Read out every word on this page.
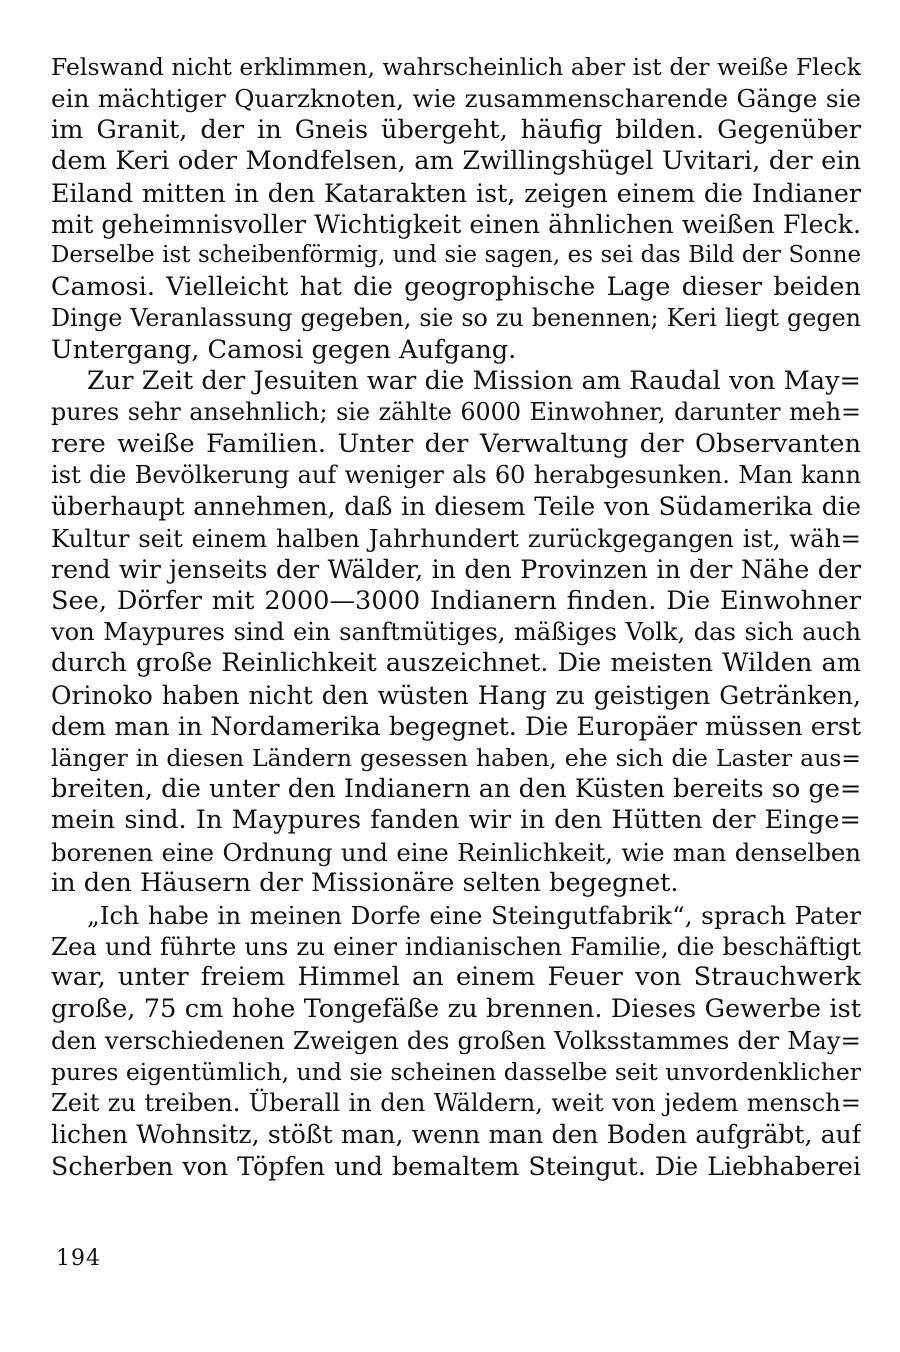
Felswand nicht erklimmen, wahrscheinlich aber ist der weiße Fleck
ein mächtiger Quarzknoten, wie zusammenscharende Gänge sie
im Granit, der in Gneis übergeht, häufig bilden. Gegenüber
dem Keri oder Mondfelsen, am Zwillingshügel Uvitari, der ein
Eiland mitten in den Katarakten ist, zeigen einem die Indianer
mit geheimnisvoller Wichtigkeit einen ähnlichen weißen Fleck.
Derselbe ist scheibenförmig, und sie sagen, es sei das Bild der Sonne
Camosi. Vielleicht hat die geogrophische Lage dieser beiden
Dinge Veranlassung gegeben, sie so zu benennen; Keri liegt gegen
Untergang, Camosi gegen Aufgang.
Zur Zeit der Jesuiten war die Mission am Raudal von May=
pures sehr ansehnlich; sie zählte 6000 Einwohner, darunter meh=
rere weiße Familien. Unter der Verwaltung der Observanten
ist die Bevölkerung auf weniger als 60 herabgesunken. Man kann
überhaupt annehmen, daß in diesem Teile von Südamerika die
Kultur seit einem halben Jahrhundert zurückgegangen ist, wäh=
rend wir jenseits der Wälder, in den Provinzen in der Nähe der
See, Dörfer mit 2000—3000 Indianern finden. Die Einwohner
von Maypures sind ein sanftmütiges, mäßiges Volk, das sich auch
durch große Reinlichkeit auszeichnet. Die meisten Wilden am
Orinoko haben nicht den wüsten Hang zu geistigen Getränken,
dem man in Nordamerika begegnet. Die Europäer müssen erst
länger in diesen Ländern gesessen haben, ehe sich die Laster aus=
breiten, die unter den Indianern an den Küsten bereits so ge=
mein sind. In Maypures fanden wir in den Hütten der Einge=
borenen eine Ordnung und eine Reinlichkeit, wie man denselben
in den Häusern der Missionäre selten begegnet.
„Ich habe in meinen Dorfe eine Steingutfabrik“, sprach Pater
Zea und führte uns zu einer indianischen Familie, die beschäftigt
war, unter freiem Himmel an einem Feuer von Strauchwerk
große, 75 cm hohe Tongefäße zu brennen. Dieses Gewerbe ist
den verschiedenen Zweigen des großen Volksstammes der May=
pures eigentümlich, und sie scheinen dasselbe seit unvordenklicher
Zeit zu treiben. Überall in den Wäldern, weit von jedem mensch=
lichen Wohnsitz, stößt man, wenn man den Boden aufgräbt, auf
Scherben von Töpfen und bemaltem Steingut. Die Liebhaberei
194
